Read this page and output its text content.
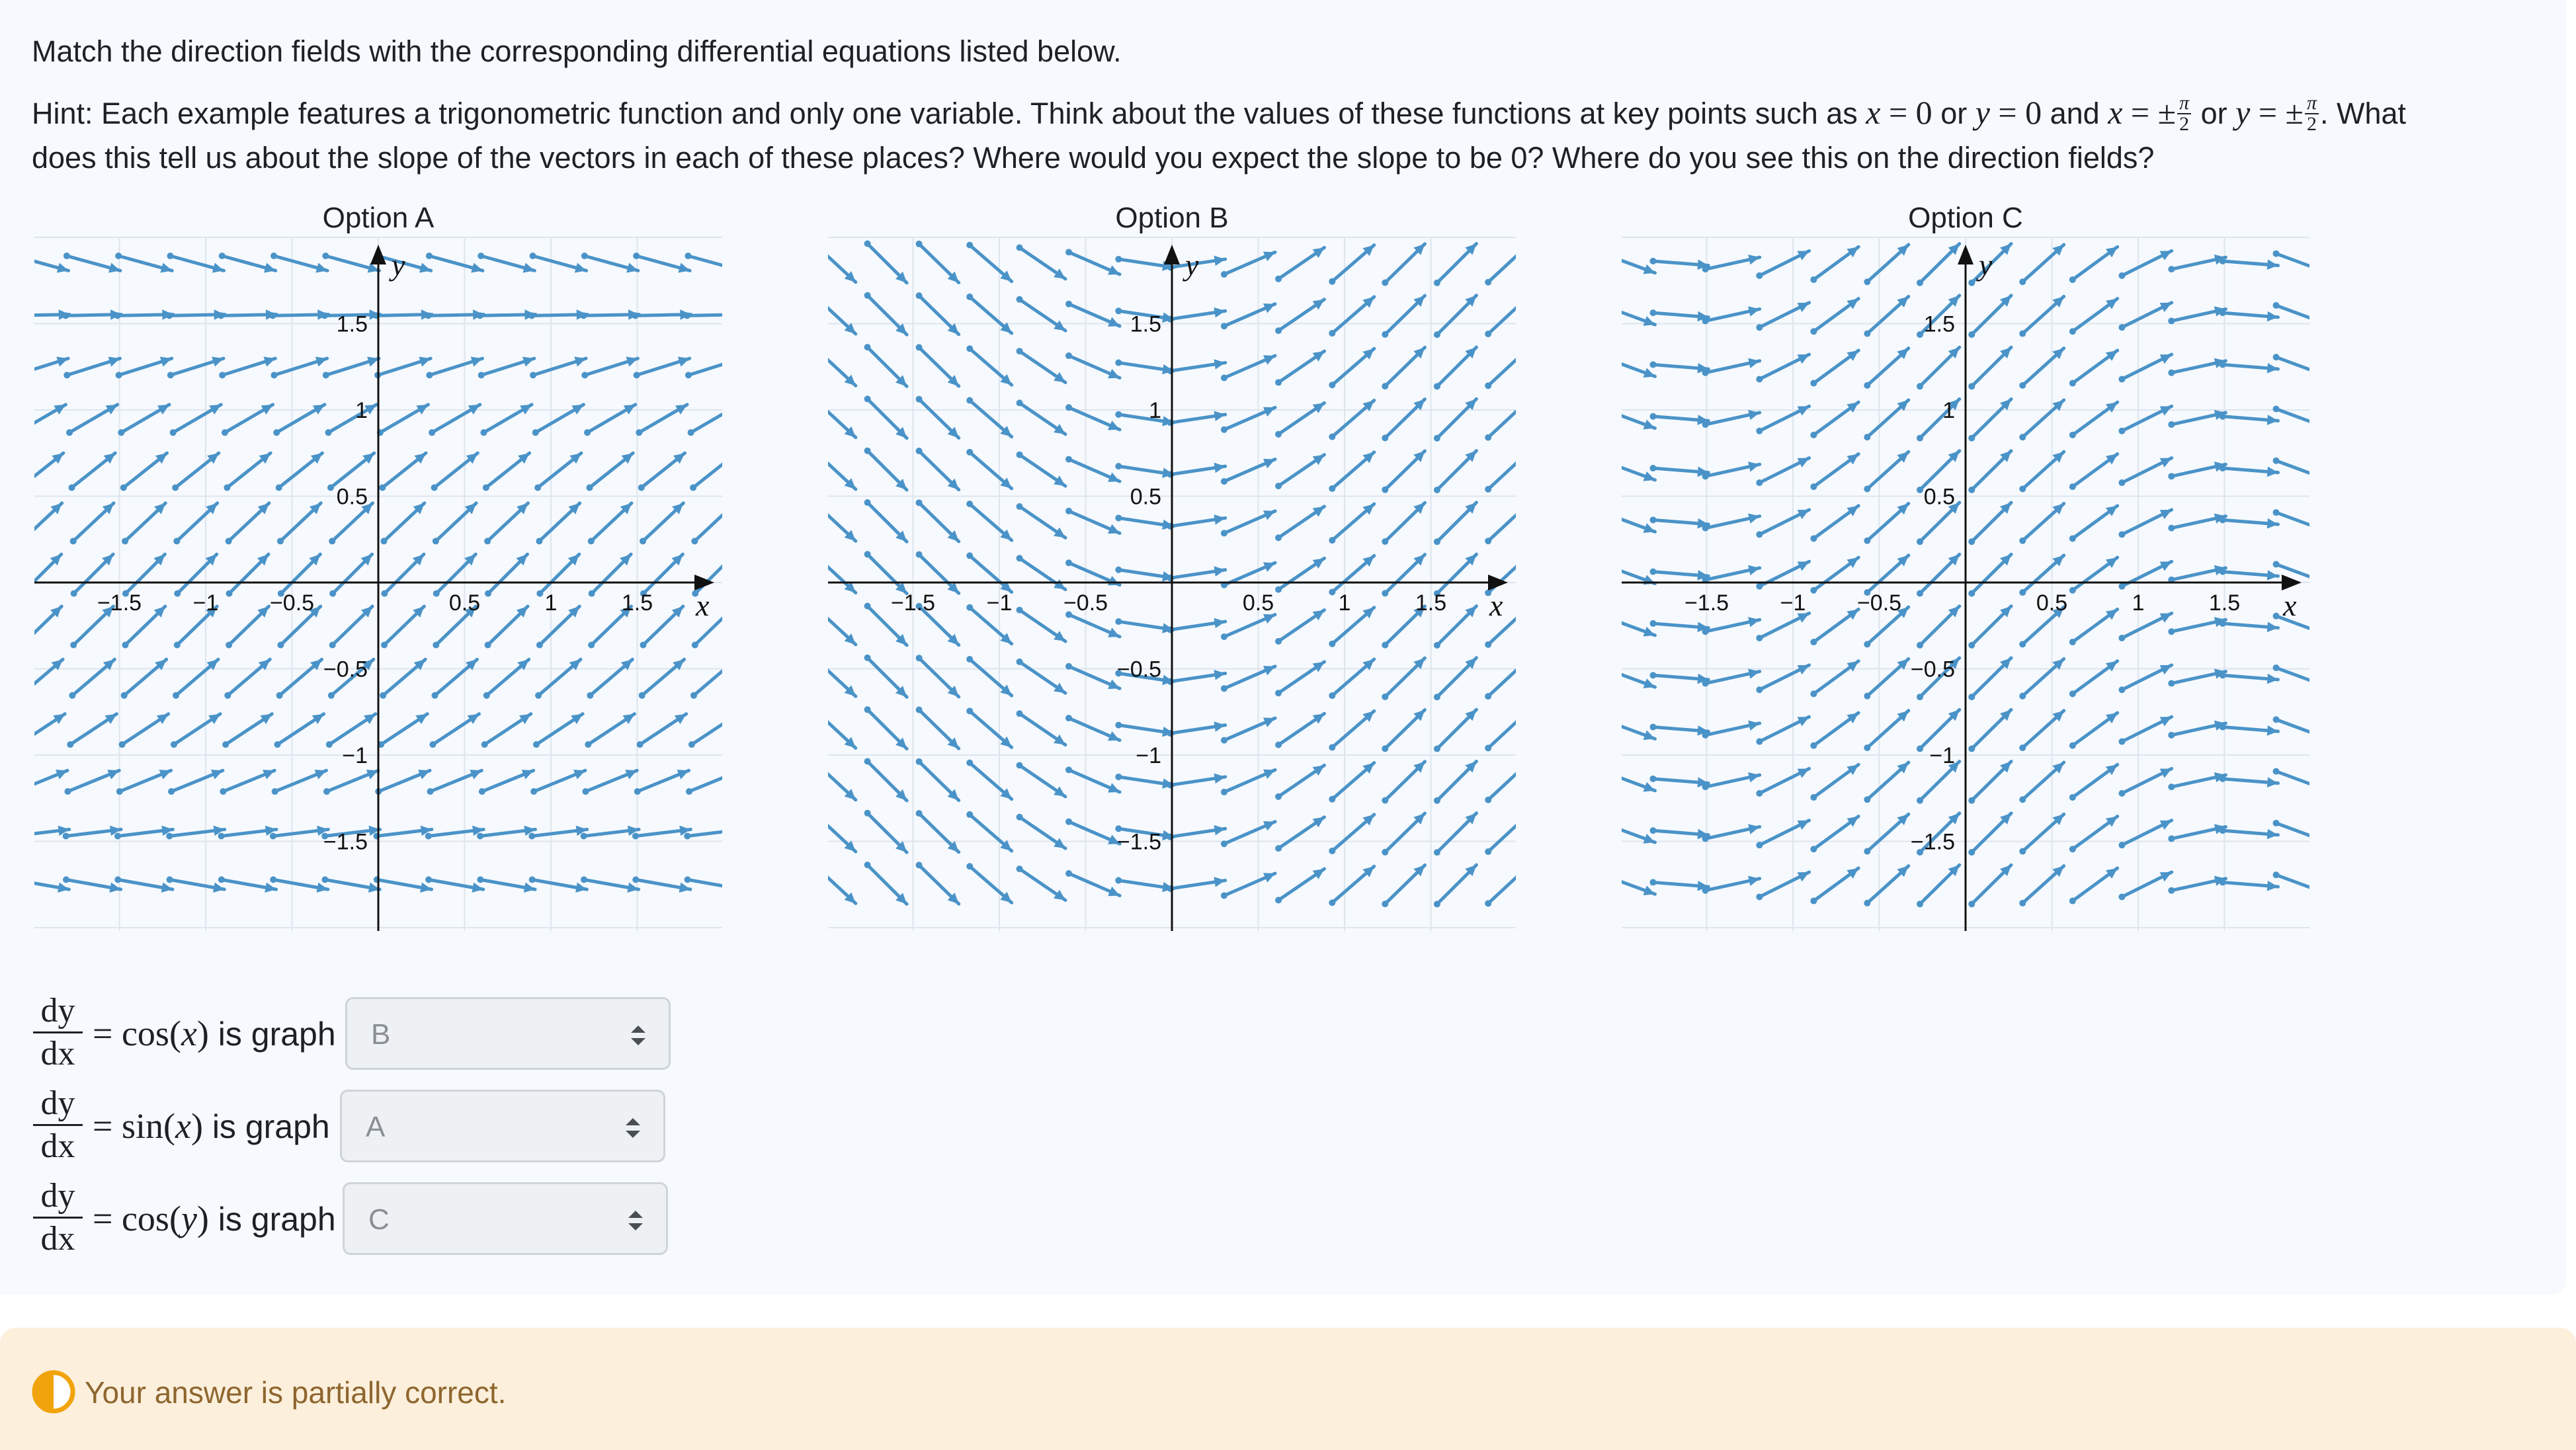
Match the direction fields with the corresponding differential equations listed below.
Hint: Each example features a trigonometric function and only one variable. Think about the values of these functions at key points such as x = 0 or y = 0 and x = ± $\frac{\pi}{2}$ or y = ± $\frac{\pi}{2}$ . What
does this tell us about the slope of the vectors in each of these places? Where would you expect the slope to be 0? Where do you see this on the direction fields?
Option A	Option B	Option C
x
y
−1.5 −1 −0.5	0.5	1	1.5
1.5
1
0.5
−0.5
−1
−1.5
x
y
−1.5 −1 −0.5	0.5	1	1.5
1.5
1
0.5
−0.5
−1
−1.5
x
y
−1.5 −1 −0.5	0.5	1	1.5
1.5
1
0.5
−0.5
−1
−1.5
$\frac{dy}{dx} = \cos(x)$ is graph B
$\frac{dy}{dx} = \sin(x)$ is graph A
$\frac{dy}{dx} = \cos(y)$ is graph C
Your answer is partially correct.
